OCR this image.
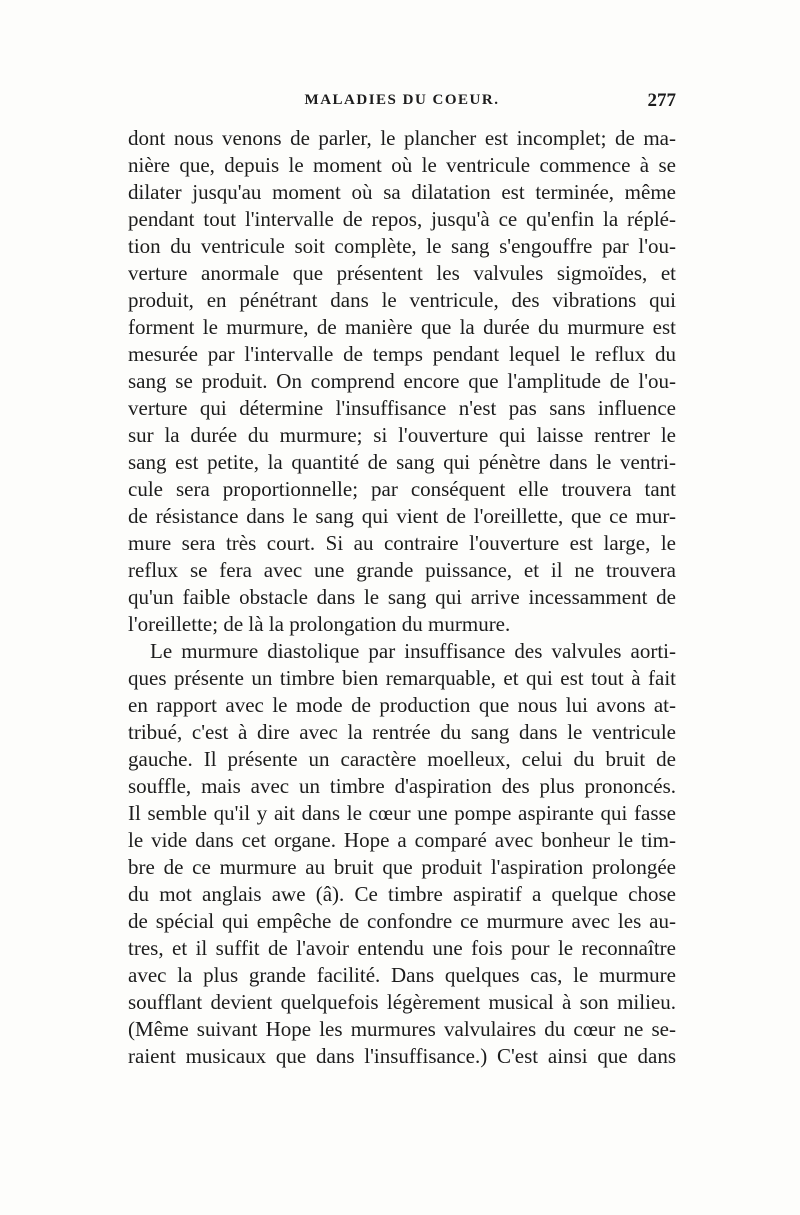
MALADIES DU COEUR.	277
dont nous venons de parler, le plancher est incomplet; de ma-
nière que, depuis le moment où le ventricule commence à se
dilater jusqu'au moment où sa dilatation est terminée, même
pendant tout l'intervalle de repos, jusqu'à ce qu'enfin la réplé-
tion du ventricule soit complète, le sang s'engouffre par l'ou-
verture anormale que présentent les valvules sigmoïdes, et
produit, en pénétrant dans le ventricule, des vibrations qui
forment le murmure, de manière que la durée du murmure est
mesurée par l'intervalle de temps pendant lequel le reflux du
sang se produit. On comprend encore que l'amplitude de l'ou-
verture qui détermine l'insuffisance n'est pas sans influence
sur la durée du murmure; si l'ouverture qui laisse rentrer le
sang est petite, la quantité de sang qui pénètre dans le ventri-
cule sera proportionnelle; par conséquent elle trouvera tant
de résistance dans le sang qui vient de l'oreillette, que ce mur-
mure sera très court. Si au contraire l'ouverture est large, le
reflux se fera avec une grande puissance, et il ne trouvera
qu'un faible obstacle dans le sang qui arrive incessamment de
l'oreillette; de là la prolongation du murmure.
Le murmure diastolique par insuffisance des valvules aorti-
ques présente un timbre bien remarquable, et qui est tout à fait
en rapport avec le mode de production que nous lui avons at-
tribué, c'est à dire avec la rentrée du sang dans le ventricule
gauche. Il présente un caractère moelleux, celui du bruit de
souffle, mais avec un timbre d'aspiration des plus prononcés.
Il semble qu'il y ait dans le cœur une pompe aspirante qui fasse
le vide dans cet organe. Hope a comparé avec bonheur le tim-
bre de ce murmure au bruit que produit l'aspiration prolongée
du mot anglais awe (â). Ce timbre aspiratif a quelque chose
de spécial qui empêche de confondre ce murmure avec les au-
tres, et il suffit de l'avoir entendu une fois pour le reconnaître
avec la plus grande facilité. Dans quelques cas, le murmure
soufflant devient quelquefois légèrement musical à son milieu.
(Même suivant Hope les murmures valvulaires du cœur ne se-
raient musicaux que dans l'insuffisance.) C'est ainsi que dans
